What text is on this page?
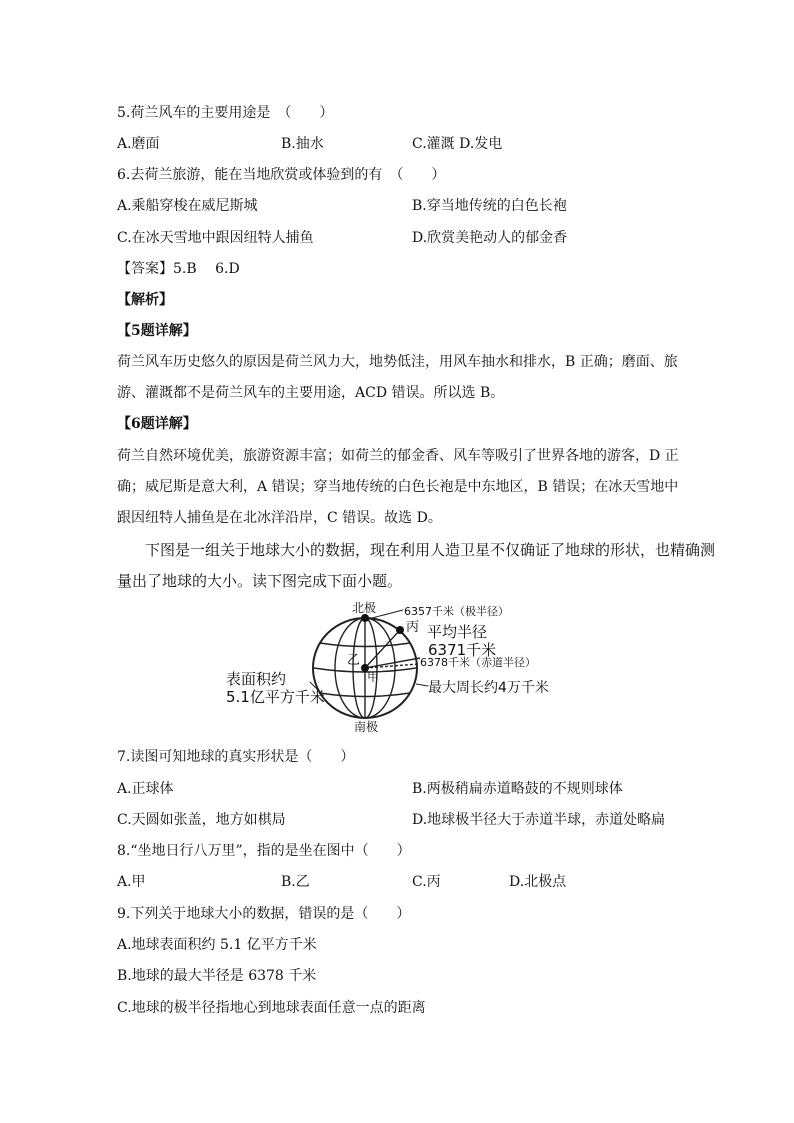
5.荷兰风车的主要用途是　（　　）
A.磨面	B.抽水	C.灌溉 D.发电
6.去荷兰旅游，能在当地欣赏或体验到的有　（　　）
A.乘船穿梭在威尼斯城	B.穿当地传统的白色长袍
C.在冰天雪地中跟因纽特人捕鱼	D.欣赏美艳动人的郁金香
【答案】5.B　 6.D
【解析】
【5题详解】
荷兰风车历史悠久的原因是荷兰风力大，地势低洼，用风车抽水和排水，B 正确；磨面、旅
游、灌溉都不是荷兰风车的主要用途，ACD 错误。所以选 B。
【6题详解】
荷兰自然环境优美，旅游资源丰富；如荷兰的郁金香、风车等吸引了世界各地的游客，D 正
确；威尼斯是意大利，A 错误；穿当地传统的白色长袍是中东地区，B 错误；在冰天雪地中
跟因纽特人捕鱼是在北冰洋沿岸，C 错误。故选 D。
下图是一组关于地球大小的数据，现在利用人造卫星不仅确证了地球的形状，也精确测
量出了地球的大小。读下图完成下面小题。
北极
南极
6357千米（极半径）
丙
乙
甲
平均半径
6371千米
6378千米（赤道半径）
最大周长约4万千米
表面积约
5.1亿平方千米
7.读图可知地球的真实形状是（　　）
A.正球体	B.两极稍扁赤道略鼓的不规则球体
C.天圆如张盖，地方如棋局	D.地球极半径大于赤道半球，赤道处略扁
8.“坐地日行八万里”，指的是坐在图中（　　）
A.甲	B.乙	C.丙	D.北极点
9.下列关于地球大小的数据，错误的是（　　）
A.地球表面积约 5.1 亿平方千米
B.地球的最大半径是 6378 千米
C.地球的极半径指地心到地球表面任意一点的距离
